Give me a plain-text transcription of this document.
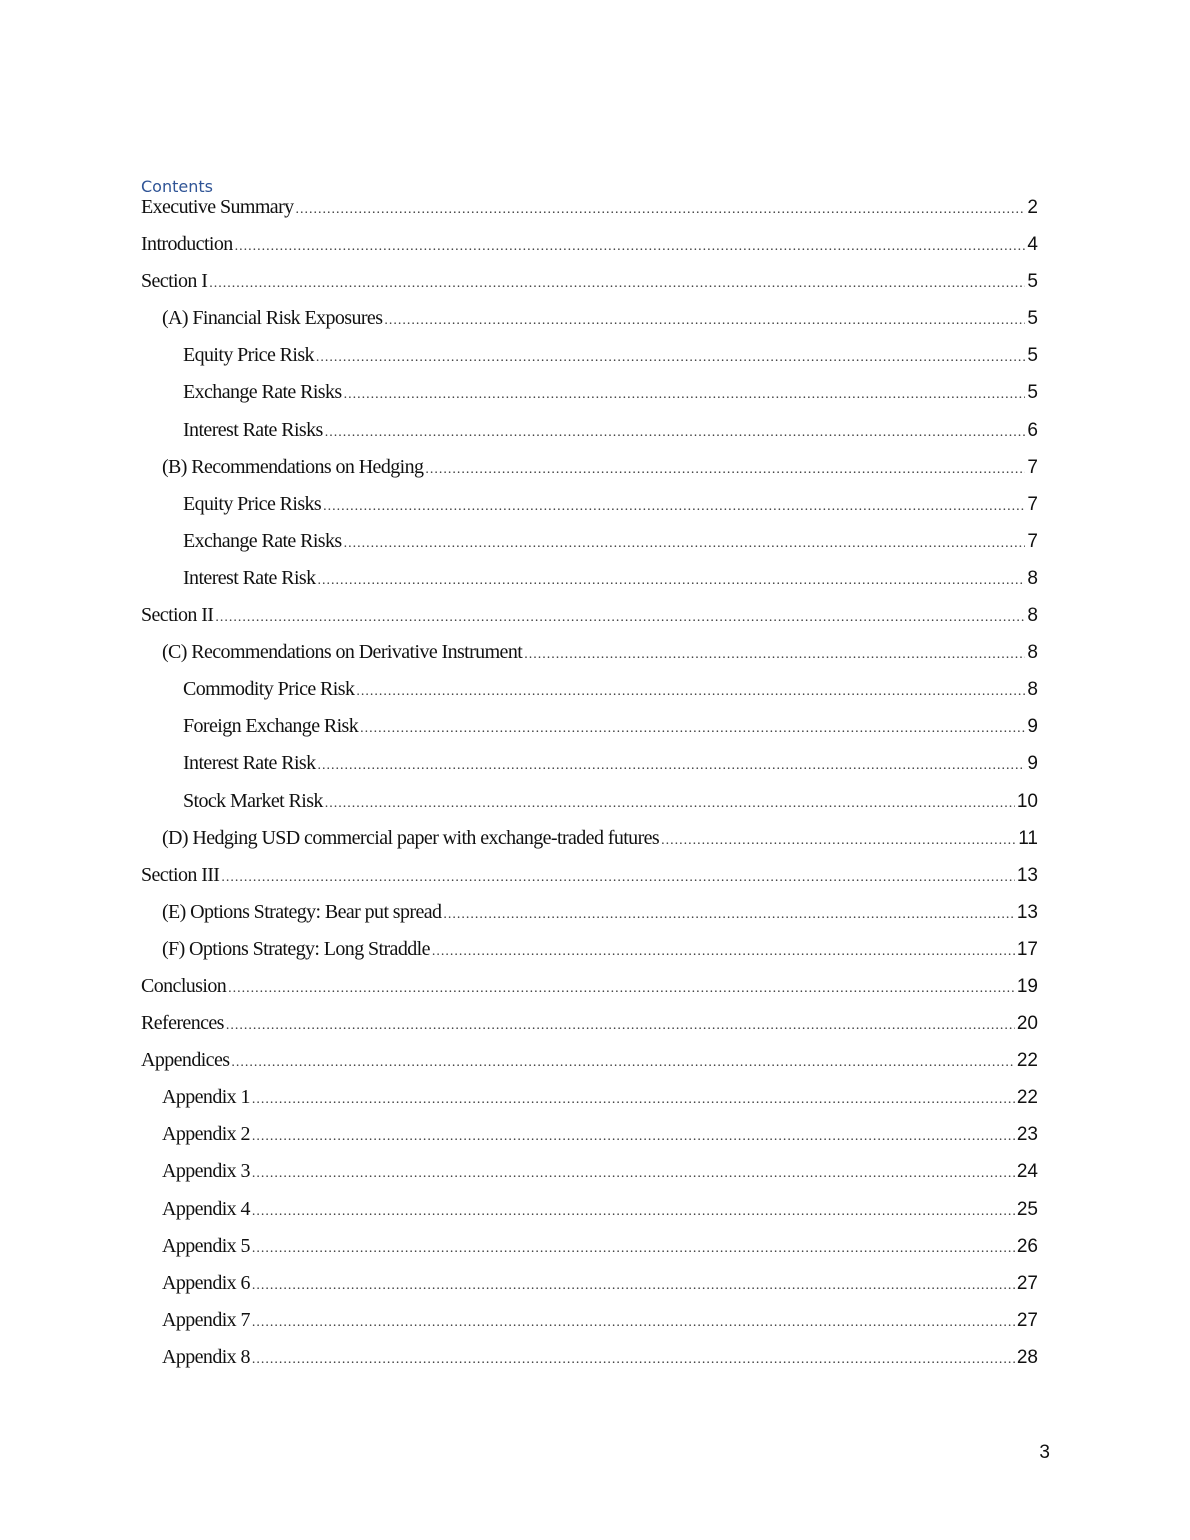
Contents
Executive Summary .....	2
Introduction .....	4
Section I .....	5
(A) Financial Risk Exposures .....	5
Equity Price Risk .....	5
Exchange Rate Risks .....	5
Interest Rate Risks .....	6
(B) Recommendations on Hedging .....	7
Equity Price Risks .....	7
Exchange Rate Risks .....	7
Interest Rate Risk .....	8
Section II .....	8
(C) Recommendations on Derivative Instrument .....	8
Commodity Price Risk .....	8
Foreign Exchange Risk .....	9
Interest Rate Risk .....	9
Stock Market Risk .....	10
(D) Hedging USD commercial paper with exchange-traded futures .....	11
Section III .....	13
(E) Options Strategy: Bear put spread .....	13
(F) Options Strategy: Long Straddle .....	17
Conclusion .....	19
References .....	20
Appendices .....	22
Appendix 1 .....	22
Appendix 2 .....	23
Appendix 3 .....	24
Appendix 4 .....	25
Appendix 5 .....	26
Appendix 6 .....	27
Appendix 7 .....	27
Appendix 8 .....	28
3
